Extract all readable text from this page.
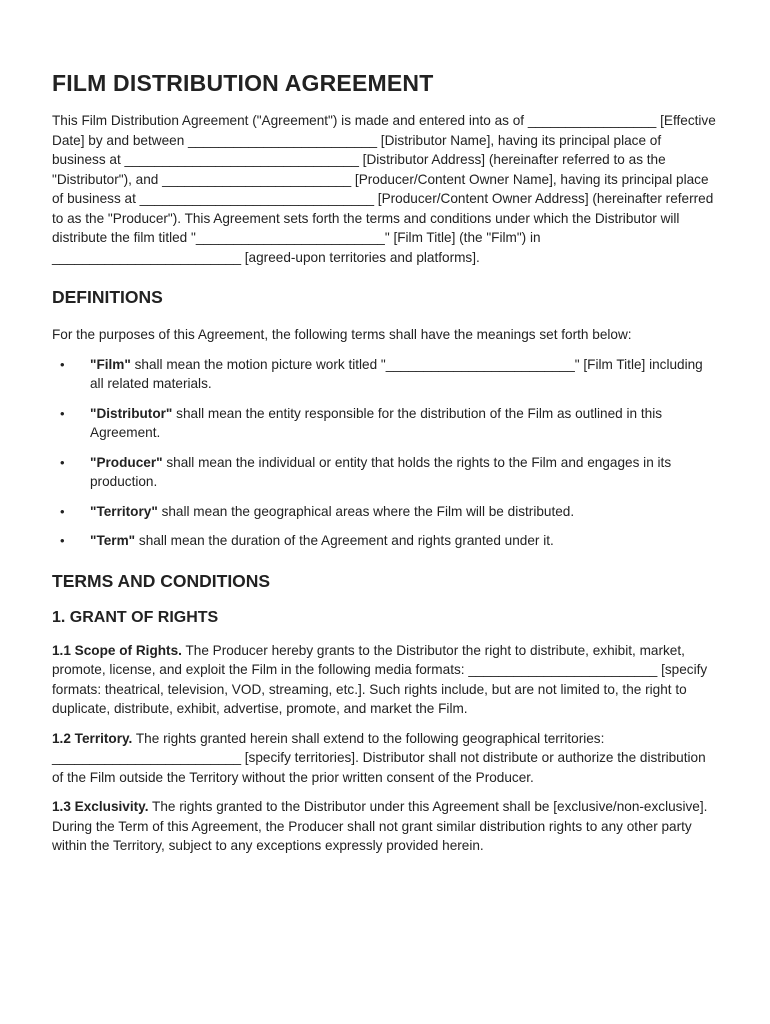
FILM DISTRIBUTION AGREEMENT

This Film Distribution Agreement ("Agreement") is made and entered into as of _________________ [Effective Date] by and between _________________________ [Distributor Name], having its principal place of business at _______________________________ [Distributor Address] (hereinafter referred to as the "Distributor"), and _________________________ [Producer/Content Owner Name], having its principal place of business at _______________________________ [Producer/Content Owner Address] (hereinafter referred to as the "Producer"). This Agreement sets forth the terms and conditions under which the Distributor will distribute the film titled "_________________________" [Film Title] (the "Film") in _________________________ [agreed-upon territories and platforms].

DEFINITIONS

For the purposes of this Agreement, the following terms shall have the meanings set forth below:

• "Film" shall mean the motion picture work titled "_________________________" [Film Title] including all related materials.
• "Distributor" shall mean the entity responsible for the distribution of the Film as outlined in this Agreement.
• "Producer" shall mean the individual or entity that holds the rights to the Film and engages in its production.
• "Territory" shall mean the geographical areas where the Film will be distributed.
• "Term" shall mean the duration of the Agreement and rights granted under it.
TERMS AND CONDITIONS
1. GRANT OF RIGHTS

1.1 Scope of Rights. The Producer hereby grants to the Distributor the right to distribute, exhibit, market, promote, license, and exploit the Film in the following media formats: _________________________ [specify formats: theatrical, television, VOD, streaming, etc.]. Such rights include, but are not limited to, the right to duplicate, distribute, exhibit, advertise, promote, and market the Film.

1.2 Territory. The rights granted herein shall extend to the following geographical territories: _________________________ [specify territories]. Distributor shall not distribute or authorize the distribution of the Film outside the Territory without the prior written consent of the Producer.

1.3 Exclusivity. The rights granted to the Distributor under this Agreement shall be [exclusive/non-exclusive]. During the Term of this Agreement, the Producer shall not grant similar distribution rights to any other party within the Territory, subject to any exceptions expressly provided herein.
